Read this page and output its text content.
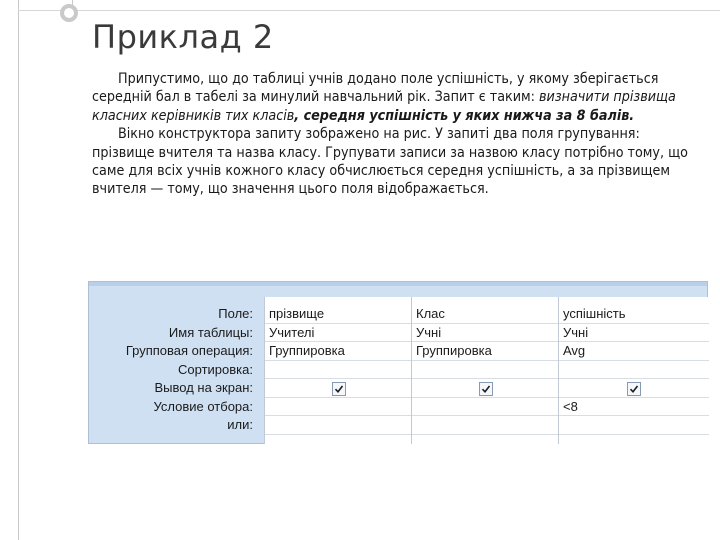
Приклад 2

Припустимо, що до таблиці учнів додано поле успішність, у якому зберігається середній бал в табелі за минулий навчальний рік. Запит є таким: визначити прізвища класних керівників тих класів, середня успішність у яких нижча за 8 балів.

Вікно конструктора запиту зображено на рис. У запиті два поля групування: прізвище вчителя та назва класу. Групувати записи за назвою класу потрібно тому, що саме для всіх учнів кожного класу обчислюється середня успішність, а за прізвищем вчителя — тому, що значення цього поля відображається.

Поле:
Имя таблицы:
Групповая операция:
Сортировка:
Вывод на экран:
Условие отбора:
или:
прізвище
Учителі
Группировка
Клас
Учні
Группировка
успішність
Учні
Avg
<8
